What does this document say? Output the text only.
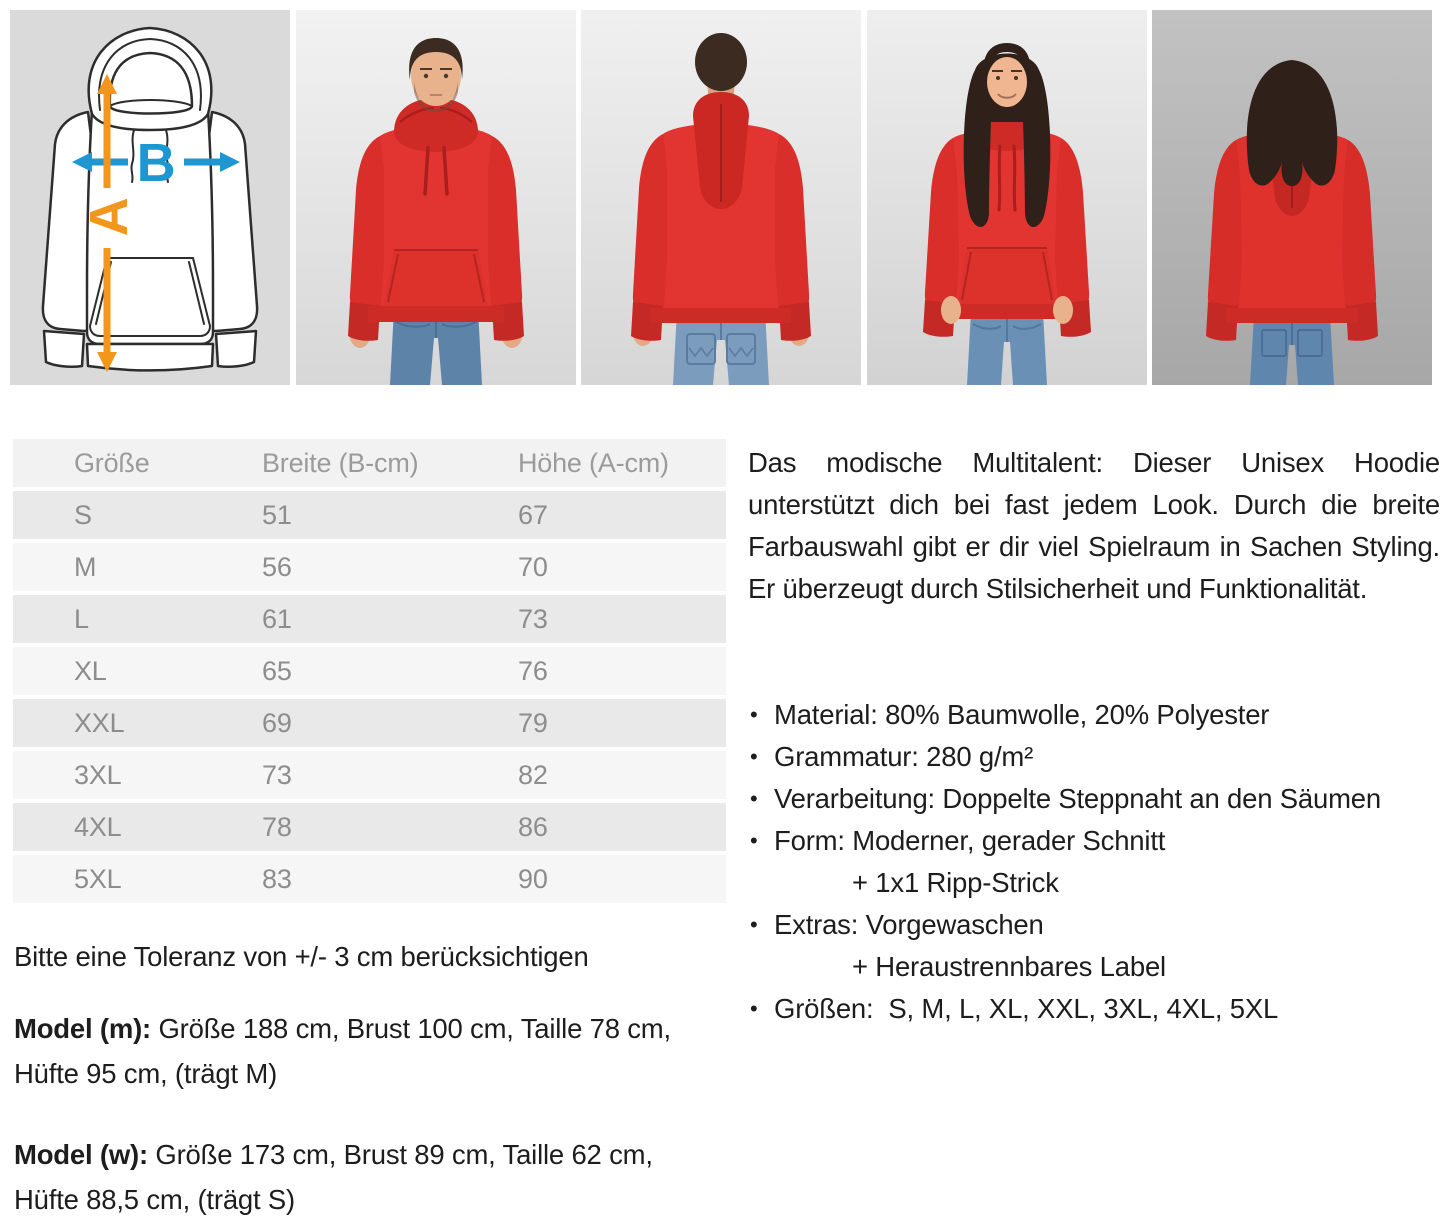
B
A
Größe	Breite (B-cm)	Höhe (A-cm)
S	51	67
M	56	70
L	61	73
XL	65	76
XXL	69	79
3XL	73	82
4XL	78	86
5XL	83	90

Bitte eine Toleranz von +/- 3 cm berücksichtigen

Model (m): Größe 188 cm, Brust 100 cm, Taille 78 cm, Hüfte 95 cm, (trägt M)

Model (w): Größe 173 cm, Brust 89 cm, Taille 62 cm, Hüfte 88,5 cm, (trägt S)

Das modische Multitalent: Dieser Unisex Hoodie unterstützt dich bei fast jedem Look. Durch die breite Farbauswahl gibt er dir viel Spielraum in Sachen Styling. Er überzeugt durch Stilsicherheit und Funktionalität.
• Material: 80% Baumwolle, 20% Polyester
• Grammatur: 280 g/m²
• Verarbeitung: Doppelte Steppnaht an den Säumen
• Form: Moderner, gerader Schnitt
+ 1x1 Ripp-Strick
• Extras: Vorgewaschen
+ Heraustrennbares Label
• Größen:  S, M, L, XL, XXL, 3XL, 4XL, 5XL
